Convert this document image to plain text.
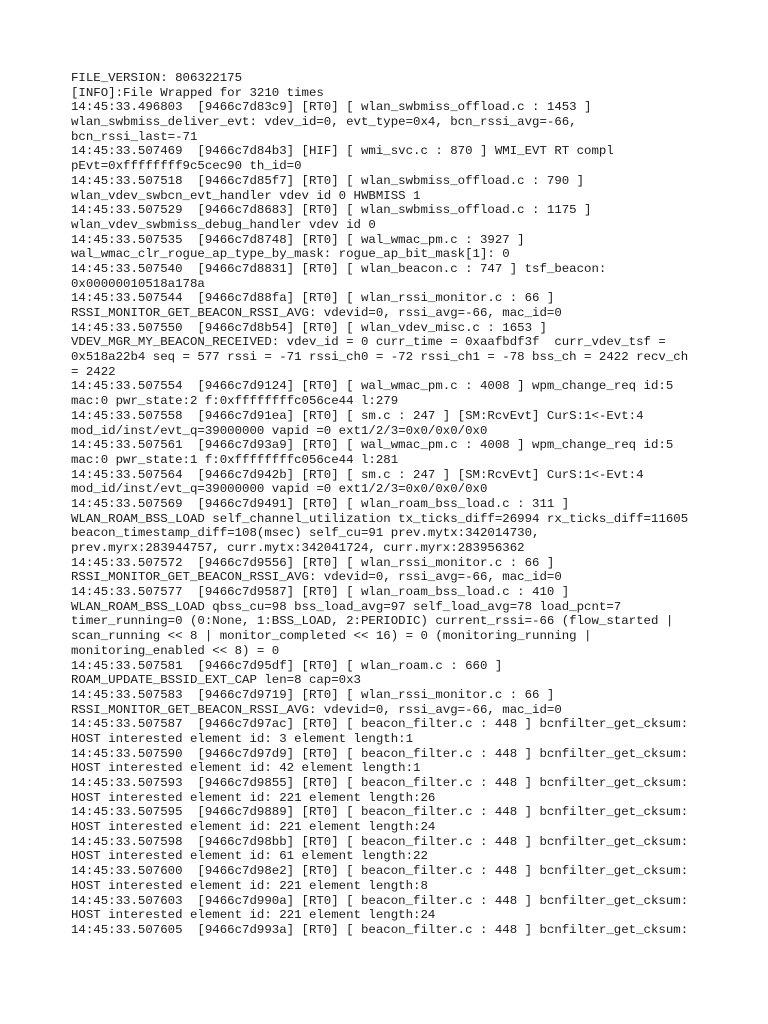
FILE_VERSION: 806322175
[INFO]:File Wrapped for 3210 times
14:45:33.496803  [9466c7d83c9] [RT0] [ wlan_swbmiss_offload.c : 1453 ]
wlan_swbmiss_deliver_evt: vdev_id=0, evt_type=0x4, bcn_rssi_avg=-66,
bcn_rssi_last=-71
14:45:33.507469  [9466c7d84b3] [HIF] [ wmi_svc.c : 870 ] WMI_EVT RT compl
pEvt=0xffffffff9c5cec90 th_id=0
14:45:33.507518  [9466c7d85f7] [RT0] [ wlan_swbmiss_offload.c : 790 ]
wlan_vdev_swbcn_evt_handler vdev id 0 HWBMISS 1
14:45:33.507529  [9466c7d8683] [RT0] [ wlan_swbmiss_offload.c : 1175 ]
wlan_vdev_swbmiss_debug_handler vdev id 0
14:45:33.507535  [9466c7d8748] [RT0] [ wal_wmac_pm.c : 3927 ]
wal_wmac_clr_rogue_ap_type_by_mask: rogue_ap_bit_mask[1]: 0
14:45:33.507540  [9466c7d8831] [RT0] [ wlan_beacon.c : 747 ] tsf_beacon:
0x00000010518a178a
14:45:33.507544  [9466c7d88fa] [RT0] [ wlan_rssi_monitor.c : 66 ]
RSSI_MONITOR_GET_BEACON_RSSI_AVG: vdevid=0, rssi_avg=-66, mac_id=0
14:45:33.507550  [9466c7d8b54] [RT0] [ wlan_vdev_misc.c : 1653 ]
VDEV_MGR_MY_BEACON_RECEIVED: vdev_id = 0 curr_time = 0xaafbdf3f  curr_vdev_tsf =
0x518a22b4 seq = 577 rssi = -71 rssi_ch0 = -72 rssi_ch1 = -78 bss_ch = 2422 recv_ch
= 2422
14:45:33.507554  [9466c7d9124] [RT0] [ wal_wmac_pm.c : 4008 ] wpm_change_req id:5
mac:0 pwr_state:2 f:0xffffffffc056ce44 l:279
14:45:33.507558  [9466c7d91ea] [RT0] [ sm.c : 247 ] [SM:RcvEvt] CurS:1<-Evt:4
mod_id/inst/evt_q=39000000 vapid =0 ext1/2/3=0x0/0x0/0x0
14:45:33.507561  [9466c7d93a9] [RT0] [ wal_wmac_pm.c : 4008 ] wpm_change_req id:5
mac:0 pwr_state:1 f:0xffffffffc056ce44 l:281
14:45:33.507564  [9466c7d942b] [RT0] [ sm.c : 247 ] [SM:RcvEvt] CurS:1<-Evt:4
mod_id/inst/evt_q=39000000 vapid =0 ext1/2/3=0x0/0x0/0x0
14:45:33.507569  [9466c7d9491] [RT0] [ wlan_roam_bss_load.c : 311 ]
WLAN_ROAM_BSS_LOAD self_channel_utilization tx_ticks_diff=26994 rx_ticks_diff=11605
beacon_timestamp_diff=108(msec) self_cu=91 prev.mytx:342014730,
prev.myrx:283944757, curr.mytx:342041724, curr.myrx:283956362
14:45:33.507572  [9466c7d9556] [RT0] [ wlan_rssi_monitor.c : 66 ]
RSSI_MONITOR_GET_BEACON_RSSI_AVG: vdevid=0, rssi_avg=-66, mac_id=0
14:45:33.507577  [9466c7d9587] [RT0] [ wlan_roam_bss_load.c : 410 ]
WLAN_ROAM_BSS_LOAD qbss_cu=98 bss_load_avg=97 self_load_avg=78 load_pcnt=7
timer_running=0 (0:None, 1:BSS_LOAD, 2:PERIODIC) current_rssi=-66 (flow_started |
scan_running << 8 | monitor_completed << 16) = 0 (monitoring_running |
monitoring_enabled << 8) = 0
14:45:33.507581  [9466c7d95df] [RT0] [ wlan_roam.c : 660 ]
ROAM_UPDATE_BSSID_EXT_CAP len=8 cap=0x3
14:45:33.507583  [9466c7d9719] [RT0] [ wlan_rssi_monitor.c : 66 ]
RSSI_MONITOR_GET_BEACON_RSSI_AVG: vdevid=0, rssi_avg=-66, mac_id=0
14:45:33.507587  [9466c7d97ac] [RT0] [ beacon_filter.c : 448 ] bcnfilter_get_cksum:
HOST interested element id: 3 element length:1
14:45:33.507590  [9466c7d97d9] [RT0] [ beacon_filter.c : 448 ] bcnfilter_get_cksum:
HOST interested element id: 42 element length:1
14:45:33.507593  [9466c7d9855] [RT0] [ beacon_filter.c : 448 ] bcnfilter_get_cksum:
HOST interested element id: 221 element length:26
14:45:33.507595  [9466c7d9889] [RT0] [ beacon_filter.c : 448 ] bcnfilter_get_cksum:
HOST interested element id: 221 element length:24
14:45:33.507598  [9466c7d98bb] [RT0] [ beacon_filter.c : 448 ] bcnfilter_get_cksum:
HOST interested element id: 61 element length:22
14:45:33.507600  [9466c7d98e2] [RT0] [ beacon_filter.c : 448 ] bcnfilter_get_cksum:
HOST interested element id: 221 element length:8
14:45:33.507603  [9466c7d990a] [RT0] [ beacon_filter.c : 448 ] bcnfilter_get_cksum:
HOST interested element id: 221 element length:24
14:45:33.507605  [9466c7d993a] [RT0] [ beacon_filter.c : 448 ] bcnfilter_get_cksum:
